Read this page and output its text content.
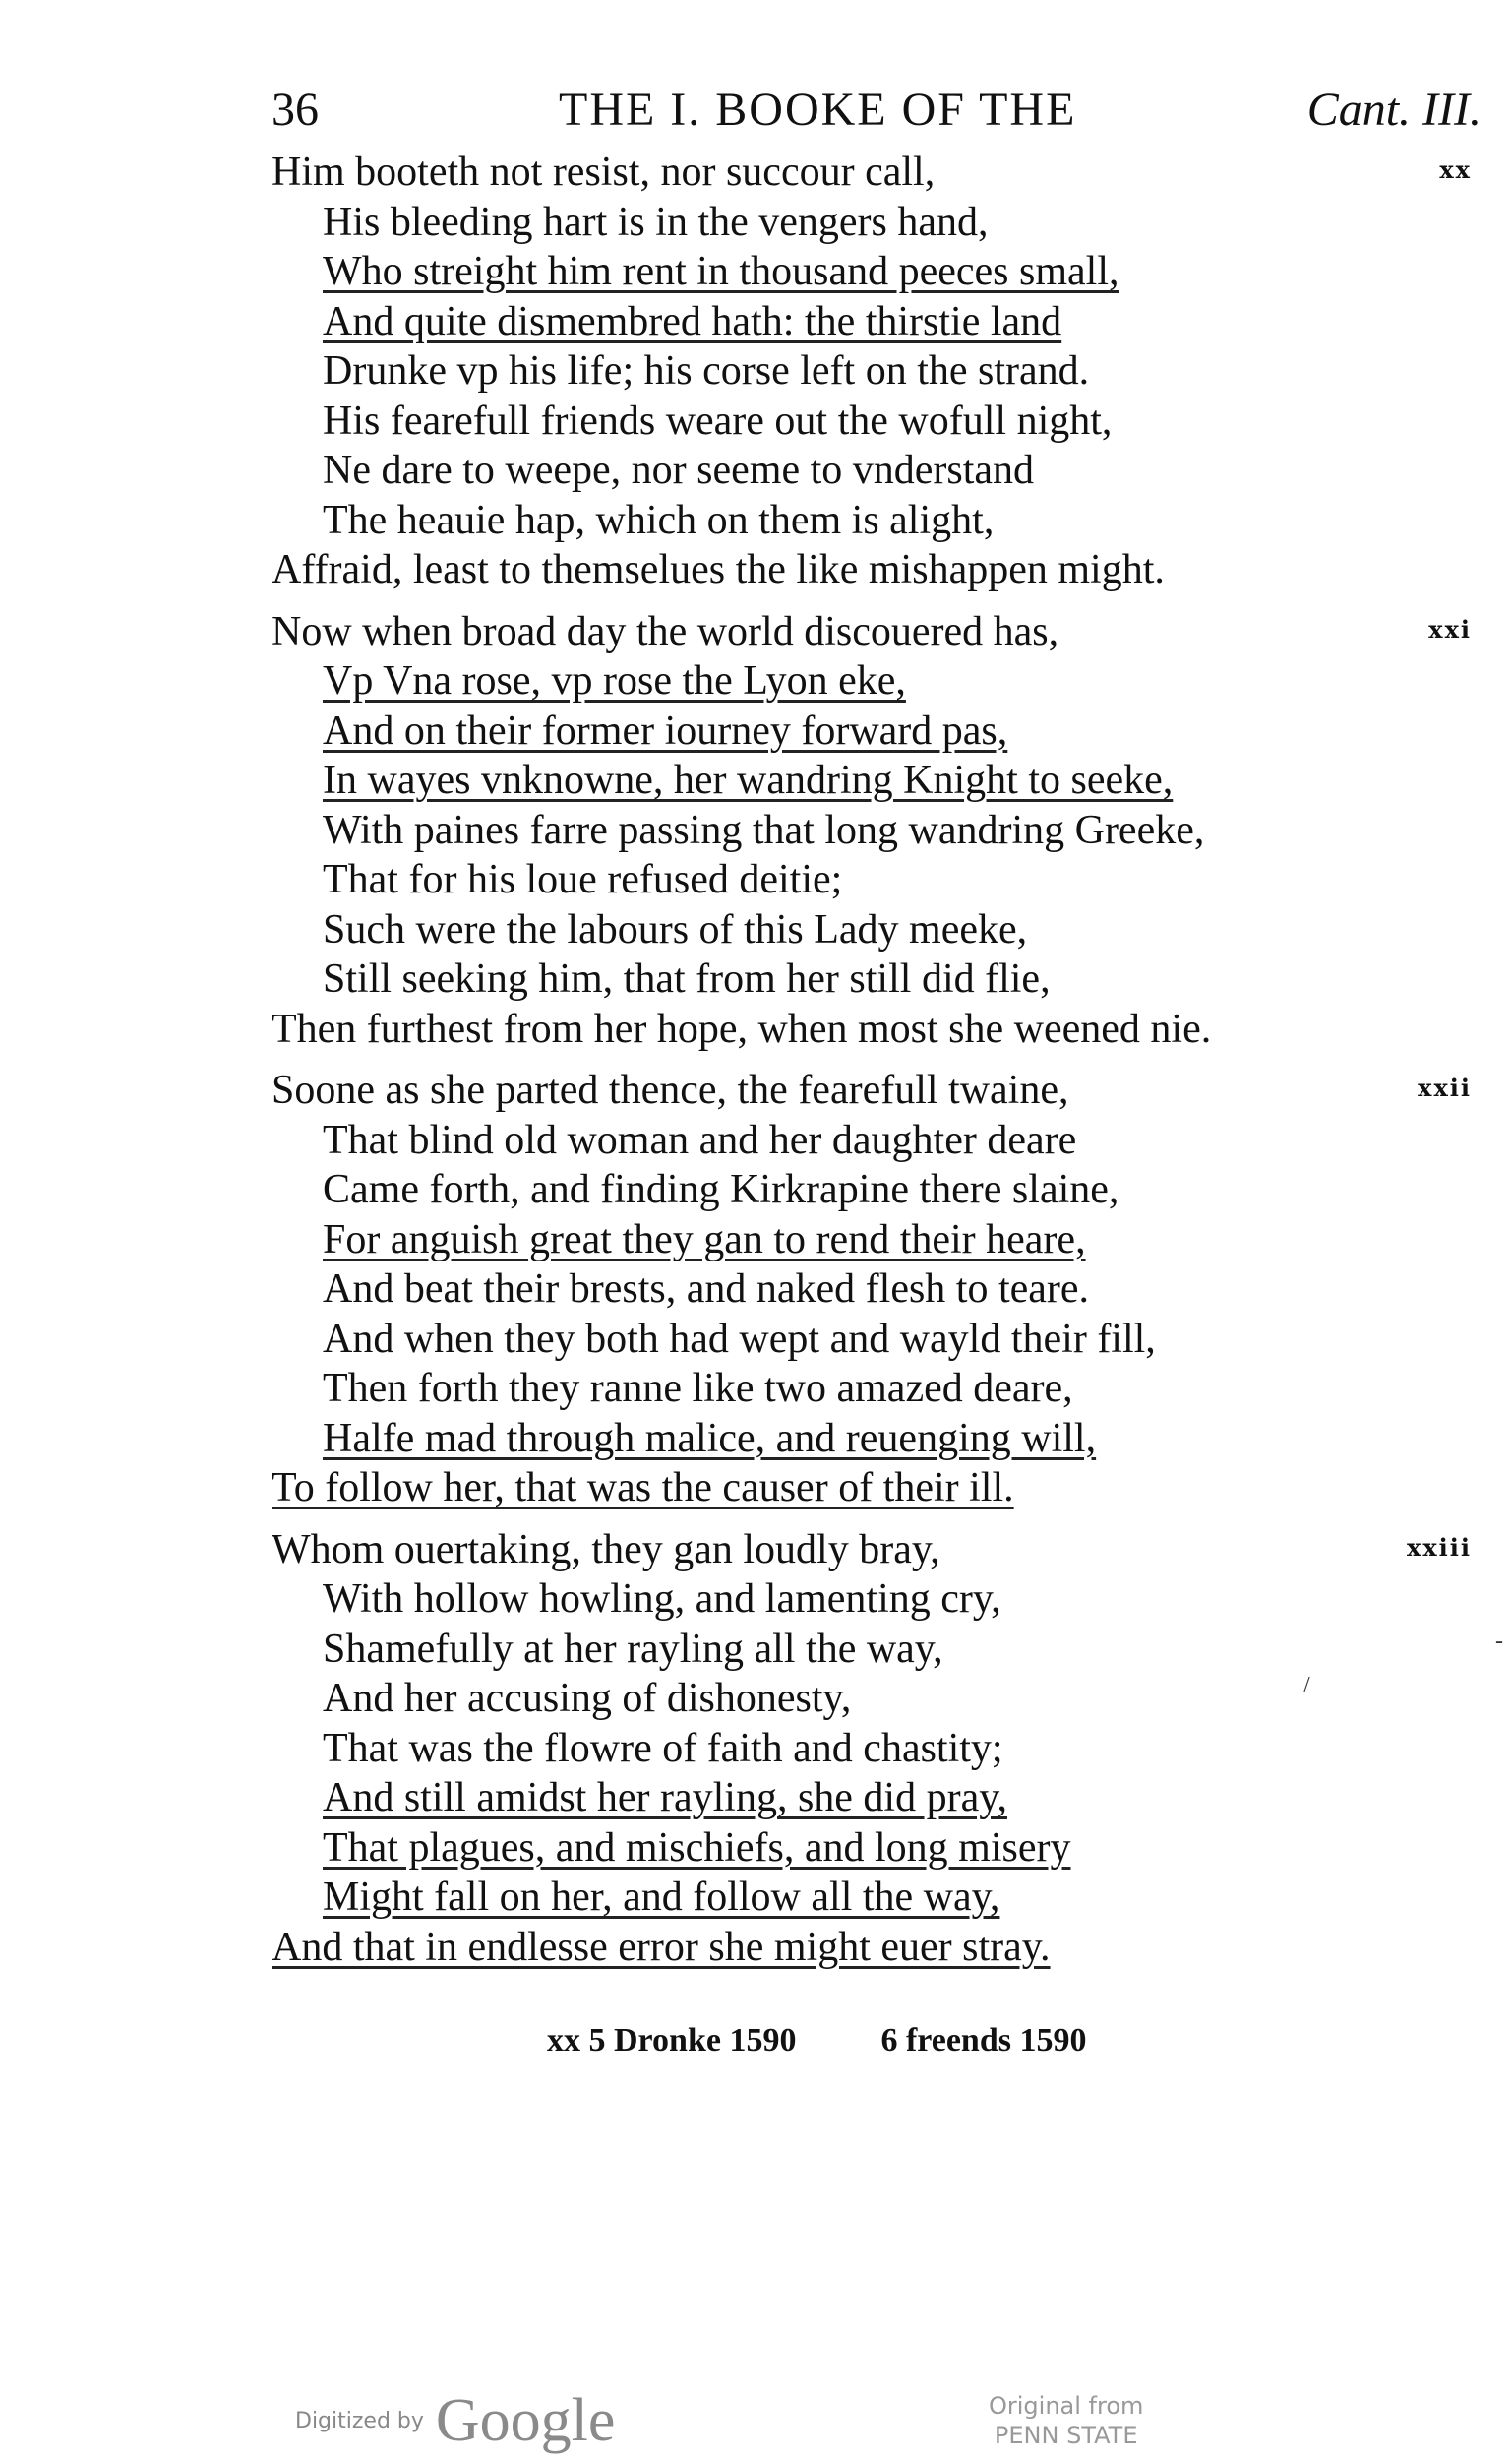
36	THE I. BOOKE OF THE	Cant. III.
xx
Him booteth not resist, nor succour call,
His bleeding hart is in the vengers hand,
Who streight him rent in thousand peeces small,
And quite dismembred hath: the thirstie land
Drunke vp his life; his corse left on the strand.
His fearefull friends weare out the wofull night,
Ne dare to weepe, nor seeme to vnderstand
The heauie hap, which on them is alight,
Affraid, least to themselues the like mishappen might.
xxi
Now when broad day the world discouered has,
Vp Vna rose, vp rose the Lyon eke,
And on their former iourney forward pas,
In wayes vnknowne, her wandring Knight to seeke,
With paines farre passing that long wandring Greeke,
That for his loue refused deitie;
Such were the labours of this Lady meeke,
Still seeking him, that from her still did flie,
Then furthest from her hope, when most she weened nie.
xxii
Soone as she parted thence, the fearefull twaine,
That blind old woman and her daughter deare
Came forth, and finding Kirkrapine there slaine,
For anguish great they gan to rend their heare,
And beat their brests, and naked flesh to teare.
And when they both had wept and wayld their fill,
Then forth they ranne like two amazed deare,
Halfe mad through malice, and reuenging will,
To follow her, that was the causer of their ill.
xxiii
Whom ouertaking, they gan loudly bray,
With hollow howling, and lamenting cry,
Shamefully at her rayling all the way,
And her accusing of dishonesty,
That was the flowre of faith and chastity;
And still amidst her rayling, she did pray,
That plagues, and mischiefs, and long misery
Might fall on her, and follow all the way,
And that in endlesse error she might euer stray.
/
-
xx 5 Dronke 1590	6 freends 1590
Digitized by Google	Original from
PENN STATE
